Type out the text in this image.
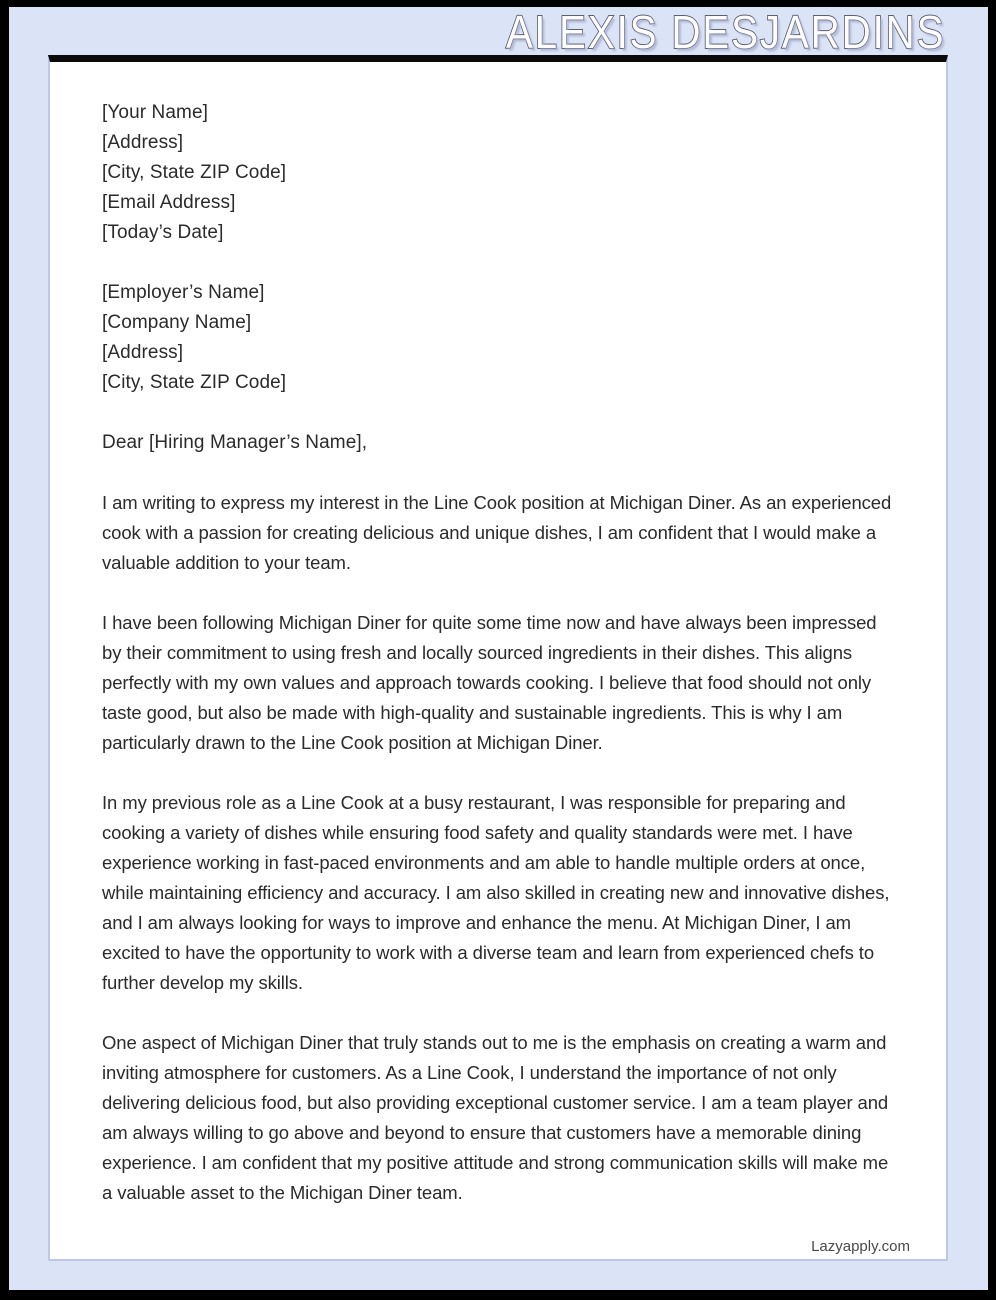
ALEXIS DESJARDINS
[Your Name]
[Address]
[City, State ZIP Code]
[Email Address]
[Today’s Date]
[Employer’s Name]
[Company Name]
[Address]
[City, State ZIP Code]
Dear [Hiring Manager’s Name],

I am writing to express my interest in the Line Cook position at Michigan Diner. As an experienced cook with a passion for creating delicious and unique dishes, I am confident that I would make a valuable addition to your team.

I have been following Michigan Diner for quite some time now and have always been impressed by their commitment to using fresh and locally sourced ingredients in their dishes. This aligns perfectly with my own values and approach towards cooking. I believe that food should not only taste good, but also be made with high-quality and sustainable ingredients. This is why I am particularly drawn to the Line Cook position at Michigan Diner.

In my previous role as a Line Cook at a busy restaurant, I was responsible for preparing and cooking a variety of dishes while ensuring food safety and quality standards were met. I have experience working in fast-paced environments and am able to handle multiple orders at once, while maintaining efficiency and accuracy. I am also skilled in creating new and innovative dishes, and I am always looking for ways to improve and enhance the menu. At Michigan Diner, I am excited to have the opportunity to work with a diverse team and learn from experienced chefs to further develop my skills.

One aspect of Michigan Diner that truly stands out to me is the emphasis on creating a warm and inviting atmosphere for customers. As a Line Cook, I understand the importance of not only delivering delicious food, but also providing exceptional customer service. I am a team player and am always willing to go above and beyond to ensure that customers have a memorable dining experience. I am confident that my positive attitude and strong communication skills will make me a valuable asset to the Michigan Diner team.

Lazyapply.com
